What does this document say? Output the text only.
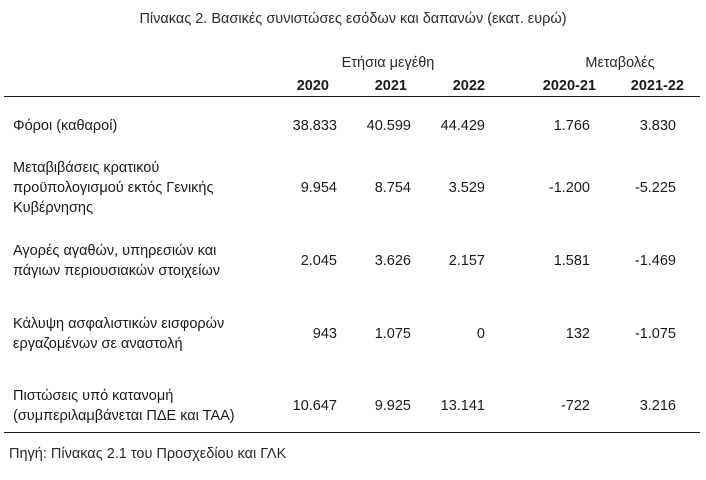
Πίνακας 2. Βασικές συνιστώσες εσόδων και δαπανών (εκατ. ευρώ)
Ετήσια μεγέθη	Μεταβολές
2020	2021	2022	2020-21	2021-22
Φόροι (καθαροί)	38.833	40.599	44.429	1.766	3.830
Μεταβιβάσεις κρατικού
προϋπολογισμού εκτός Γενικής
Κυβέρνησης
9.954	8.754	3.529	-1.200	-5.225
Αγορές αγαθών, υπηρεσιών και
πάγιων περιουσιακών στοιχείων
2.045	3.626	2.157	1.581	-1.469
Κάλυψη ασφαλιστικών εισφορών
εργαζομένων σε αναστολή
943	1.075	0	132	-1.075
Πιστώσεις υπό κατανομή
(συμπεριλαμβάνεται ΠΔΕ και ΤΑΑ)
10.647	9.925	13.141	-722	3.216
Πηγή: Πίνακας 2.1 του Προσχεδίου και ΓΛΚ
